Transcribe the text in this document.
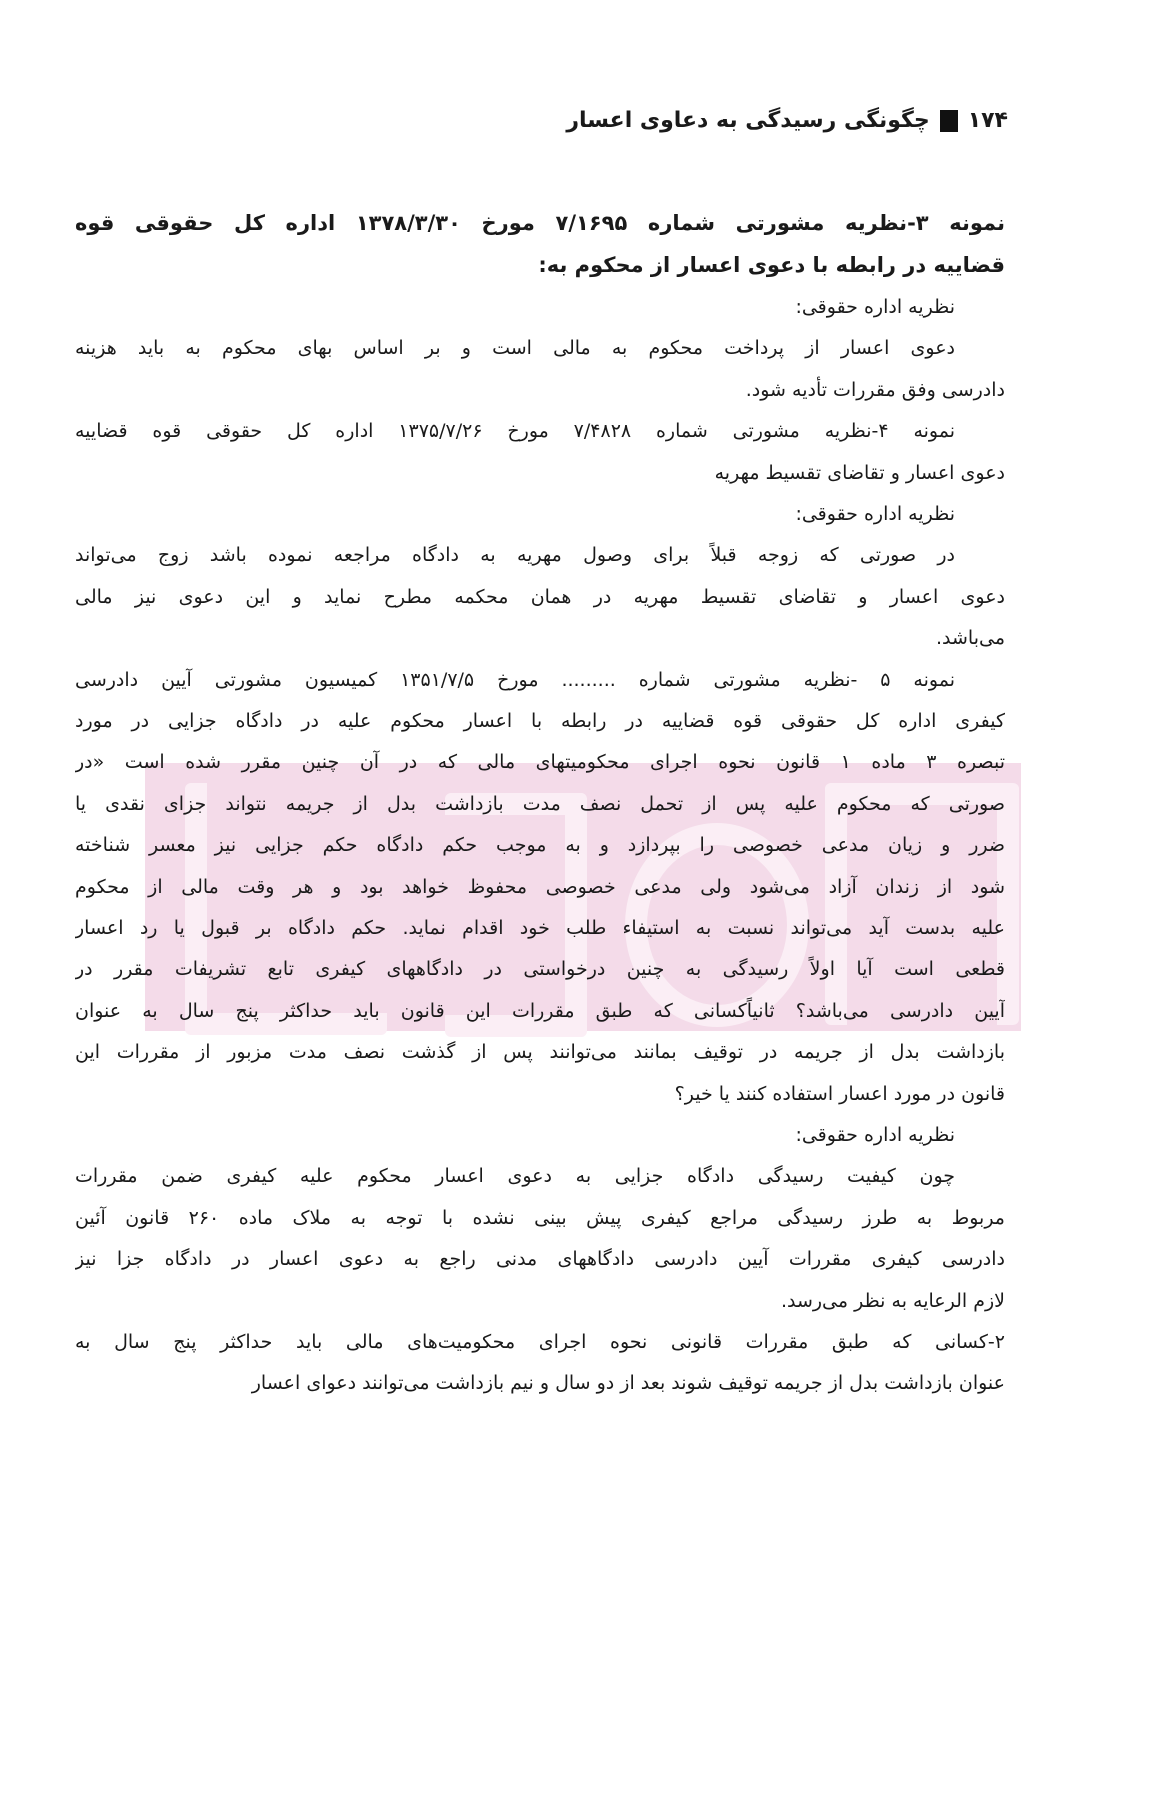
۱۷۴
چگونگی رسیدگی به دعاوی اعسار
نمونه ۳-نظریه مشورتی شماره ۷/۱۶۹۵ مورخ ۱۳۷۸/۳/۳۰ اداره کل حقوقی قوه
قضاییه در رابطه با دعوی اعسار از محکوم به:
نظریه اداره حقوقی:
دعوی اعسار از پرداخت محکوم به مالی است و بر اساس بهای محکوم به باید هزینه
دادرسی وفق مقررات تأدیه شود.
نمونه ۴-نظریه مشورتی شماره ۷/۴۸۲۸ مورخ ۱۳۷۵/۷/۲۶ اداره کل حقوقی قوه قضاییه
دعوی اعسار و تقاضای تقسیط مهریه
نظریه اداره حقوقی:
در صورتی که زوجه قبلاً برای وصول مهریه به دادگاه مراجعه نموده باشد زوج می‌تواند
دعوی اعسار و تقاضای تقسیط مهریه در همان محکمه مطرح نماید و این دعوی نیز مالی
می‌باشد.
نمونه ۵ -نظریه مشورتی شماره ......... مورخ ۱۳۵۱/۷/۵ کمیسیون مشورتی آیین دادرسی
کیفری اداره کل حقوقی قوه قضاییه در رابطه با اعسار محکوم علیه در دادگاه جزایی در مورد
تبصره ۳ ماده ۱ قانون نحوه اجرای محکومیتهای مالی که در آن چنین مقرر شده است «در
صورتی که محکوم علیه پس از تحمل نصف مدت بازداشت بدل از جریمه نتواند جزای نقدی یا
ضرر و زیان مدعی خصوصی را بپردازد و به موجب حکم دادگاه حکم جزایی نیز معسر شناخته
شود از زندان آزاد می‌شود ولی مدعی خصوصی محفوظ خواهد بود و هر وقت مالی از محکوم
علیه بدست آید می‌تواند نسبت به استیفاء طلب خود اقدام نماید. حکم دادگاه بر قبول یا رد اعسار
قطعی است آیا اولاً رسیدگی به چنین درخواستی در دادگاههای کیفری تابع تشریفات مقرر در
آیین دادرسی می‌باشد؟ ثانیاًکسانی که طبق مقررات این قانون باید حداکثر پنج سال به عنوان
بازداشت بدل از جریمه در توقیف بمانند می‌توانند پس از گذشت نصف مدت مزبور از مقررات این
قانون در مورد اعسار استفاده کنند یا خیر؟
نظریه اداره حقوقی:
چون کیفیت رسیدگی دادگاه جزایی به دعوی اعسار محکوم علیه کیفری ضمن مقررات
مربوط به طرز رسیدگی مراجع کیفری پیش بینی نشده با توجه به ملاک ماده ۲۶۰ قانون آئین
دادرسی کیفری مقررات آیین دادرسی دادگاههای مدنی راجع به دعوی اعسار در دادگاه جزا نیز
لازم الرعایه به نظر می‌رسد.
۲-کسانی که طبق مقررات قانونی نحوه اجرای محکومیت‌های مالی باید حداکثر پنج سال به
عنوان بازداشت بدل از جریمه توقیف شوند بعد از دو سال و نیم بازداشت می‌توانند دعوای اعسار
